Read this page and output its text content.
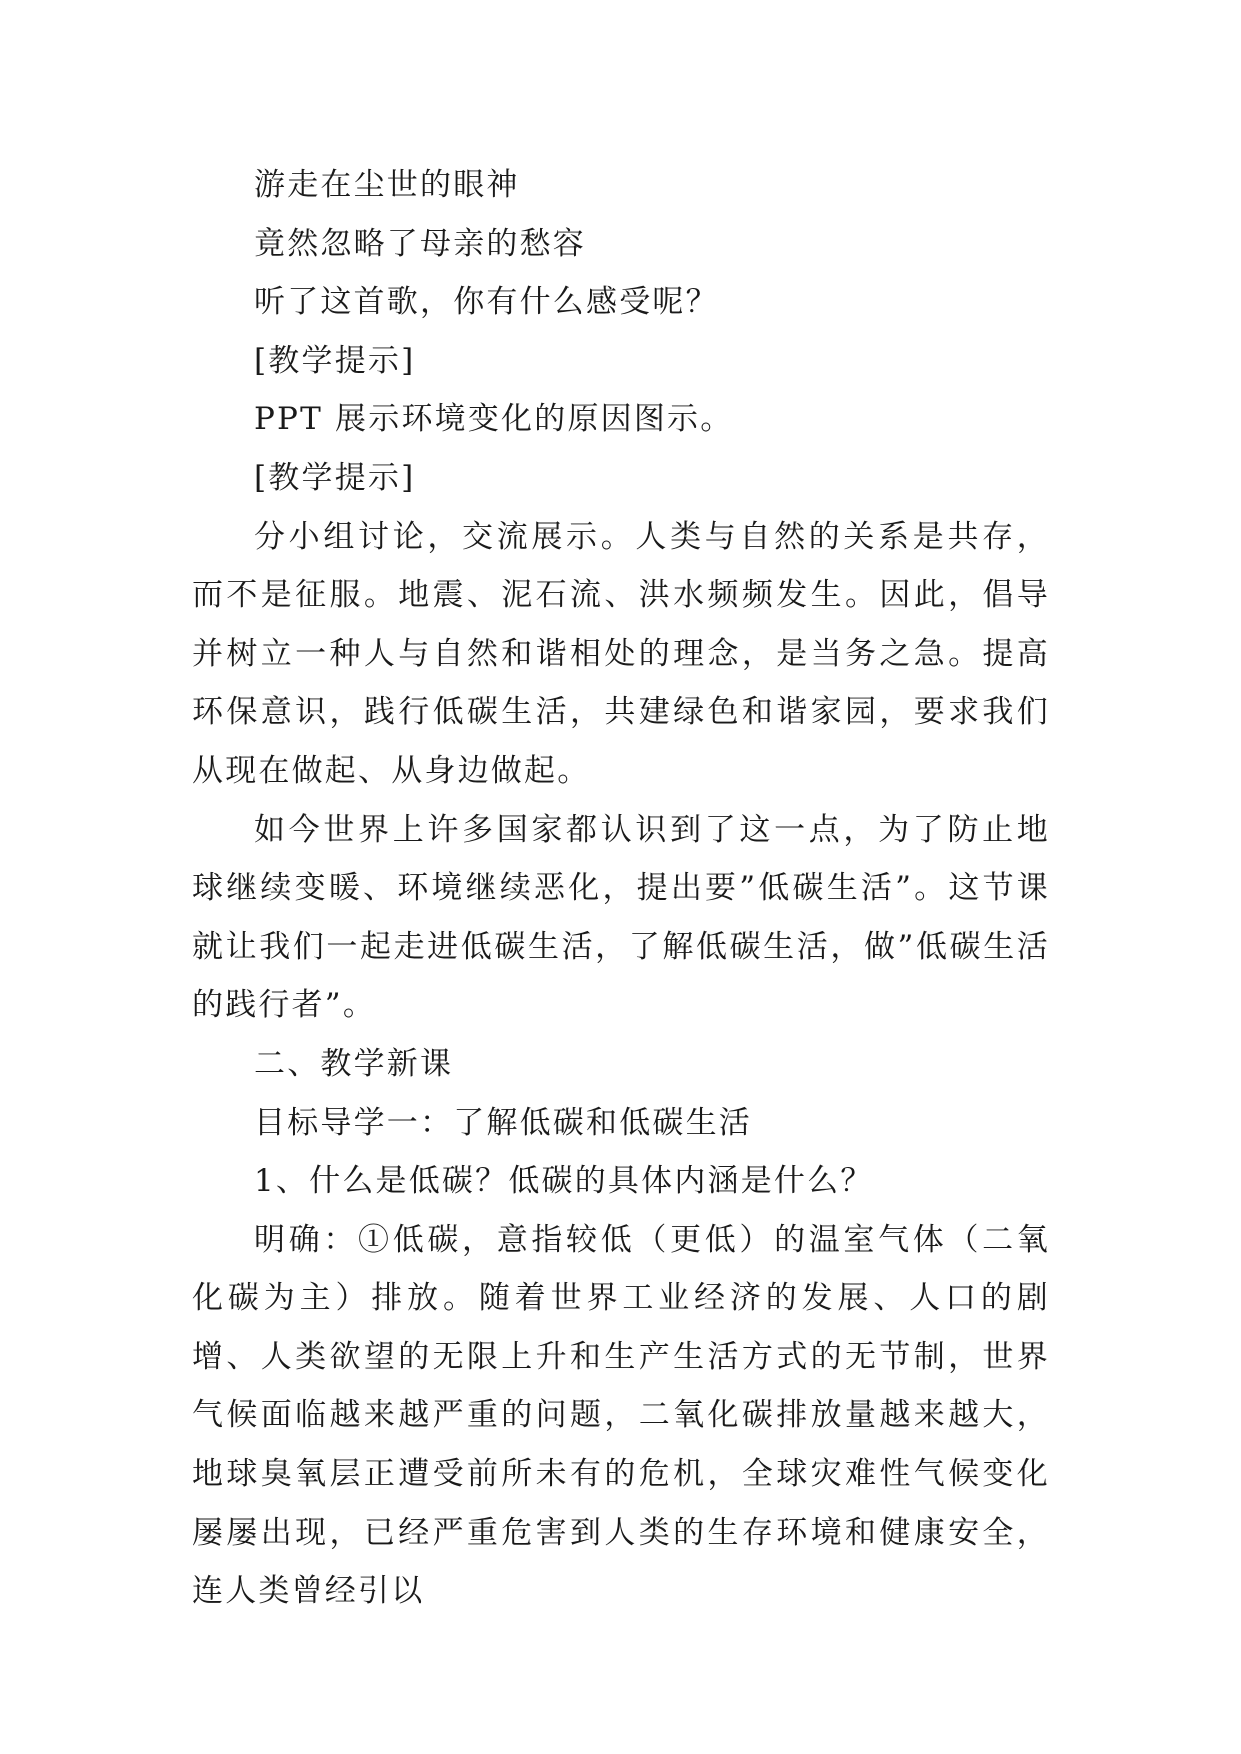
游走在尘世的眼神

竟然忽略了母亲的愁容

听了这首歌，你有什么感受呢？

[教学提示]

PPT 展示环境变化的原因图示。

[教学提示]

分小组讨论，交流展示。人类与自然的关系是共存，而不是征服。地震、泥石流、洪水频频发生。因此，倡导并树立一种人与自然和谐相处的理念，是当务之急。提高环保意识，践行低碳生活，共建绿色和谐家园，要求我们从现在做起、从身边做起。

如今世界上许多国家都认识到了这一点，为了防止地球继续变暖、环境继续恶化，提出要”低碳生活”。这节课就让我们一起走进低碳生活，了解低碳生活，做”低碳生活的践行者”。

二、教学新课

目标导学一：了解低碳和低碳生活

1、什么是低碳？低碳的具体内涵是什么？

明确：①低碳，意指较低（更低）的温室气体（二氧化碳为主）排放。随着世界工业经济的发展、人口的剧增、人类欲望的无限上升和生产生活方式的无节制，世界气候面临越来越严重的问题，二氧化碳排放量越来越大，地球臭氧层正遭受前所未有的危机，全球灾难性气候变化屡屡出现，已经严重危害到人类的生存环境和健康安全，连人类曾经引以
